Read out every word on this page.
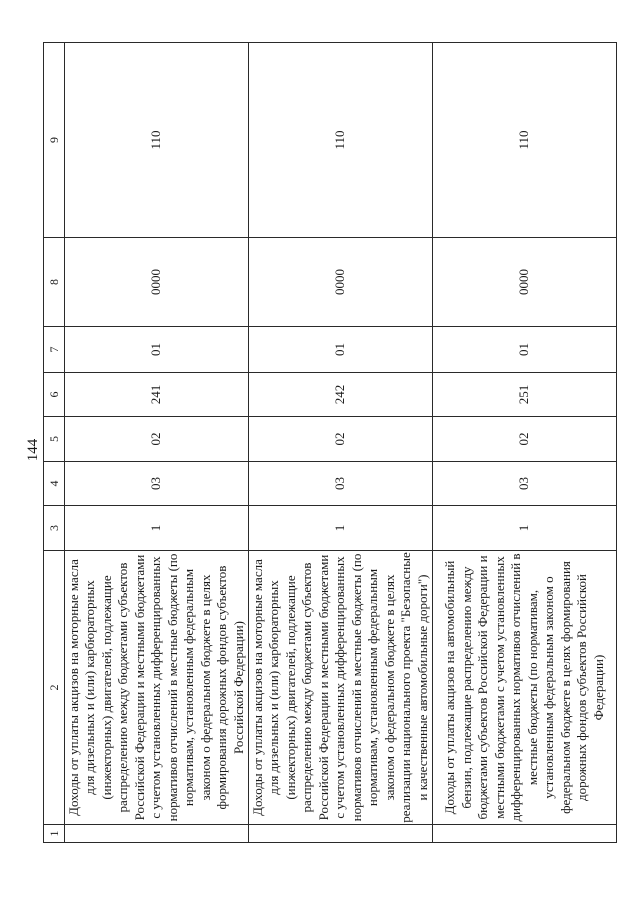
144
1	2	3	4	5	6	7	8	9
	Доходы от уплаты акцизов на моторные масла для дизельных и (или) карбюраторных (инжекторных) двигателей, подлежащие распределению между бюджетами субъектов Российской Федерации и местными бюджетами с учетом установленных дифференцированных нормативов отчислений в местные бюджеты (по нормативам, установленным федеральным законом о федеральном бюджете в целях формирования дорожных фондов субъектов Российской Федерации)	1	03	02	241	01	0000	110
	Доходы от уплаты акцизов на моторные масла для дизельных и (или) карбюраторных (инжекторных) двигателей, подлежащие распределению между бюджетами субъектов Российской Федерации и местными бюджетами с учетом установленных дифференцированных нормативов отчислений в местные бюджеты (по нормативам, установленным федеральным законом о федеральном бюджете в целях реализации национального проекта "Безопасные и качественные автомобильные дороги")	1	03	02	242	01	0000	110
	Доходы от уплаты акцизов на автомобильный бензин, подлежащие распределению между бюджетами субъектов Российской Федерации и местными бюджетами с учетом установленных дифференцированных нормативов отчислений в местные бюджеты (по нормативам, установленным федеральным законом о федеральном бюджете в целях формирования дорожных фондов субъектов Российской Федерации)	1	03	02	251	01	0000	110
